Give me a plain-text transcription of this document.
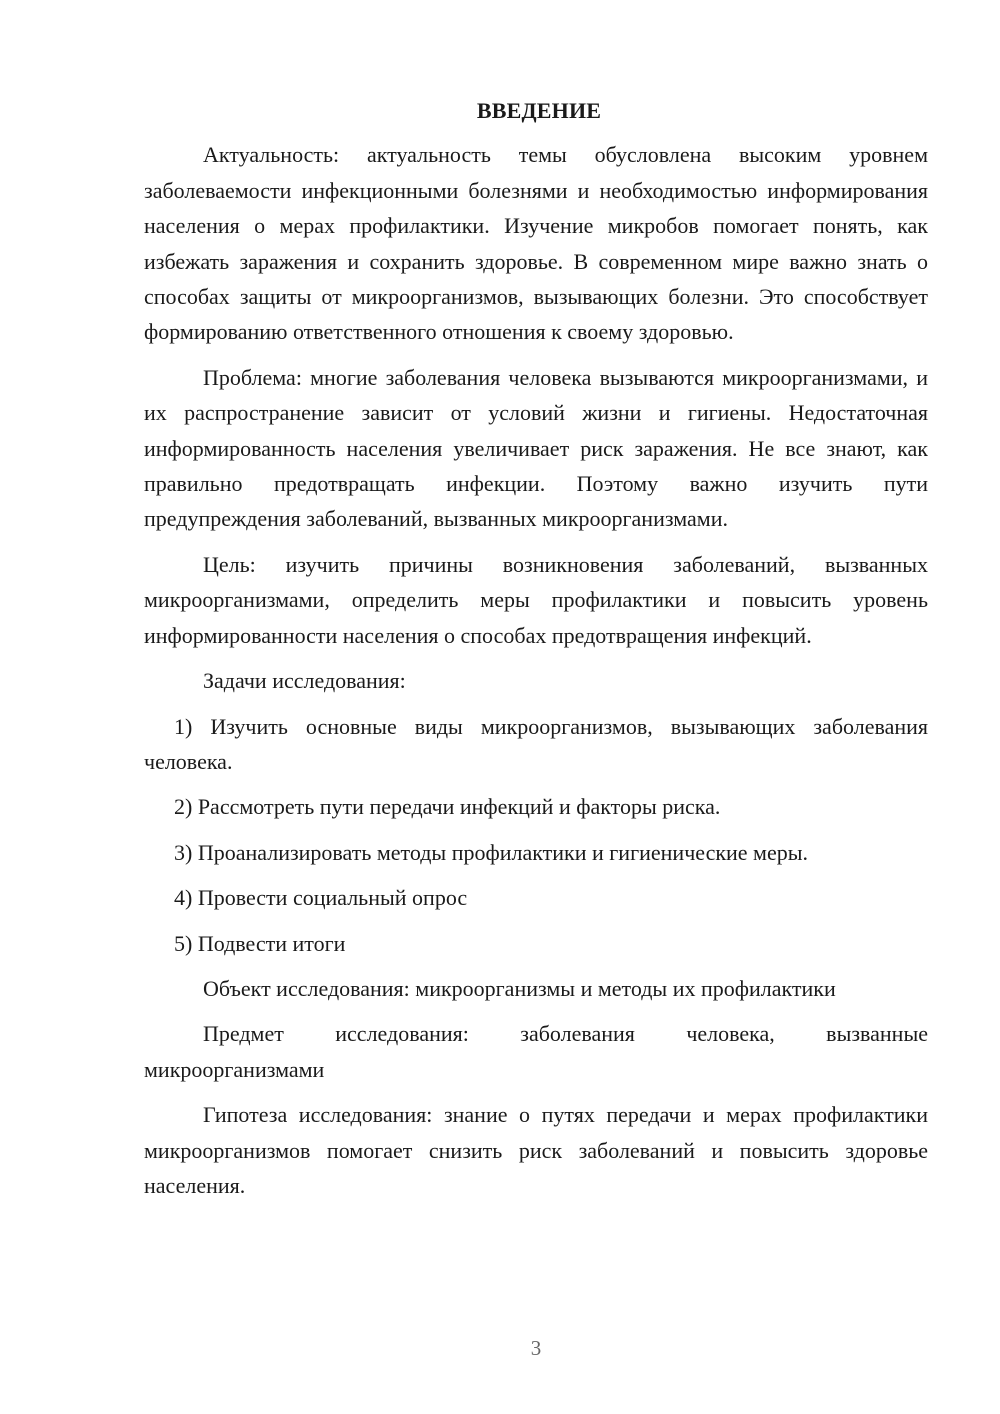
ВВЕДЕНИЕ

Актуальность: актуальность темы обусловлена высоким уровнем заболеваемости инфекционными болезнями и необходимостью информирования населения о мерах профилактики. Изучение микробов помогает понять, как избежать заражения и сохранить здоровье. В современном мире важно знать о способах защиты от микроорганизмов, вызывающих болезни. Это способствует формированию ответственного отношения к своему здоровью.

Проблема: многие заболевания человека вызываются микроорганизмами, и их распространение зависит от условий жизни и гигиены. Недостаточная информированность населения увеличивает риск заражения. Не все знают, как правильно предотвращать инфекции. Поэтому важно изучить пути предупреждения заболеваний, вызванных микроорганизмами.

Цель: изучить причины возникновения заболеваний, вызванных микроорганизмами, определить меры профилактики и повысить уровень информированности населения о способах предотвращения инфекций.

Задачи исследования:

1) Изучить основные виды микроорганизмов, вызывающих заболевания человека.

2) Рассмотреть пути передачи инфекций и факторы риска.

3) Проанализировать методы профилактики и гигиенические меры.

4) Провести социальный опрос

5) Подвести итоги

Объект исследования: микроорганизмы и методы их профилактики

Предмет исследования: заболевания человека, вызванные микроорганизмами

Гипотеза исследования: знание о путях передачи и мерах профилактики микроорганизмов помогает снизить риск заболеваний и повысить здоровье населения.

3
